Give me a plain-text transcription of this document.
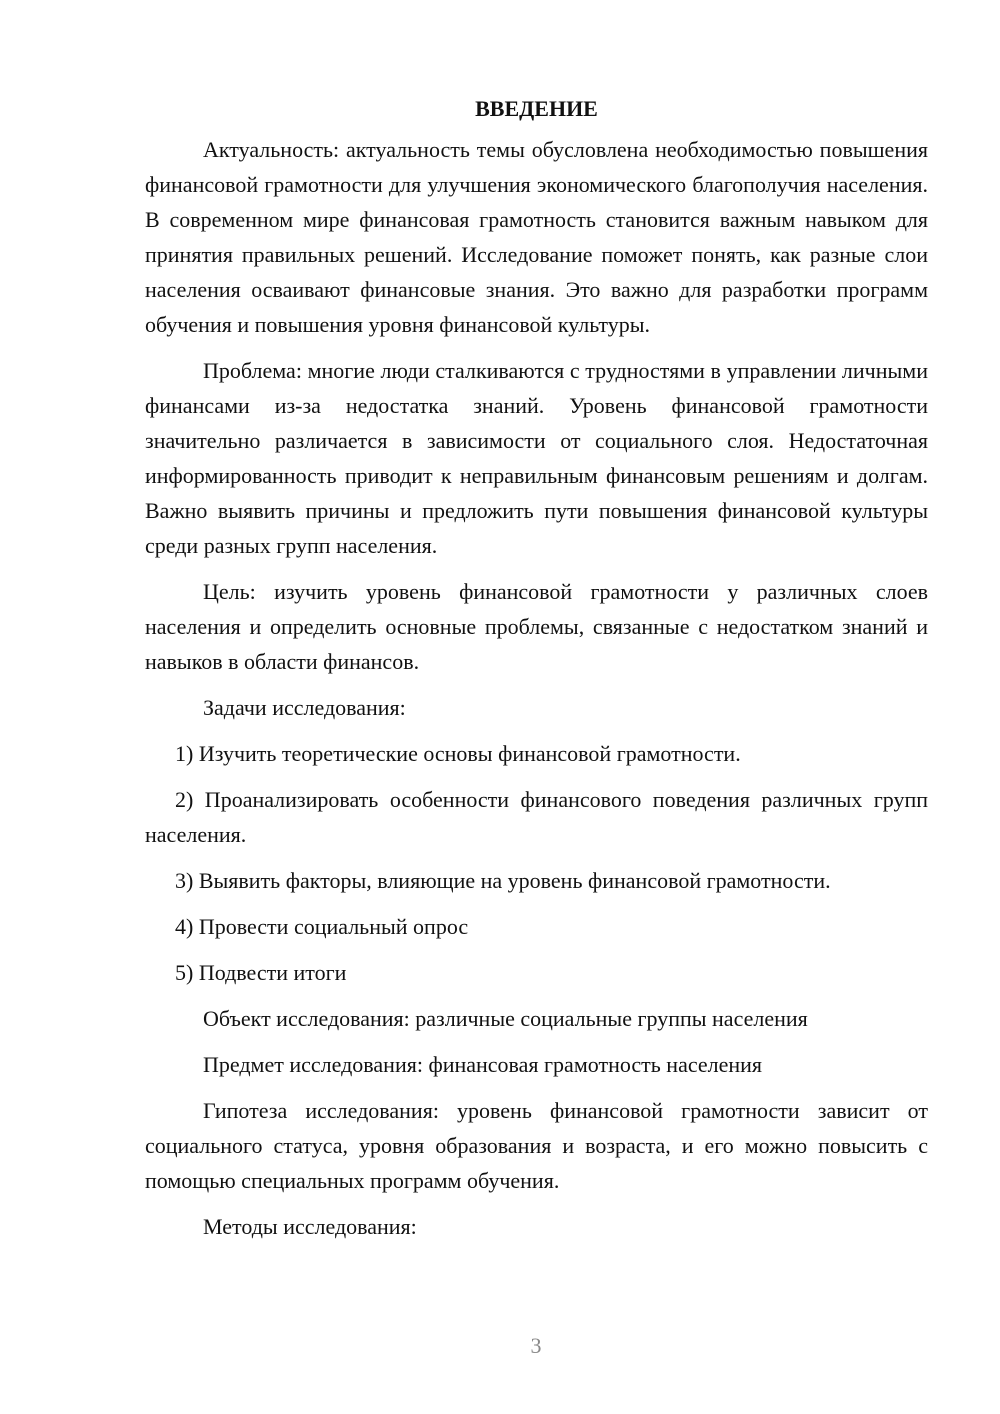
ВВЕДЕНИЕ
Актуальность: актуальность темы обусловлена необходимостью повышения финансовой грамотности для улучшения экономического благополучия населения. В современном мире финансовая грамотность становится важным навыком для принятия правильных решений. Исследование поможет понять, как разные слои населения осваивают финансовые знания. Это важно для разработки программ обучения и повышения уровня финансовой культуры.
Проблема: многие люди сталкиваются с трудностями в управлении личными финансами из-за недостатка знаний. Уровень финансовой грамотности значительно различается в зависимости от социального слоя. Недостаточная информированность приводит к неправильным финансовым решениям и долгам. Важно выявить причины и предложить пути повышения финансовой культуры среди разных групп населения.
Цель: изучить уровень финансовой грамотности у различных слоев населения и определить основные проблемы, связанные с недостатком знаний и навыков в области финансов.
Задачи исследования:
1) Изучить теоретические основы финансовой грамотности.
2) Проанализировать особенности финансового поведения различных групп населения.
3) Выявить факторы, влияющие на уровень финансовой грамотности.
4) Провести социальный опрос
5) Подвести итоги
Объект исследования: различные социальные группы населения
Предмет исследования: финансовая грамотность населения
Гипотеза исследования: уровень финансовой грамотности зависит от социального статуса, уровня образования и возраста, и его можно повысить с помощью специальных программ обучения.
Методы исследования:
3
